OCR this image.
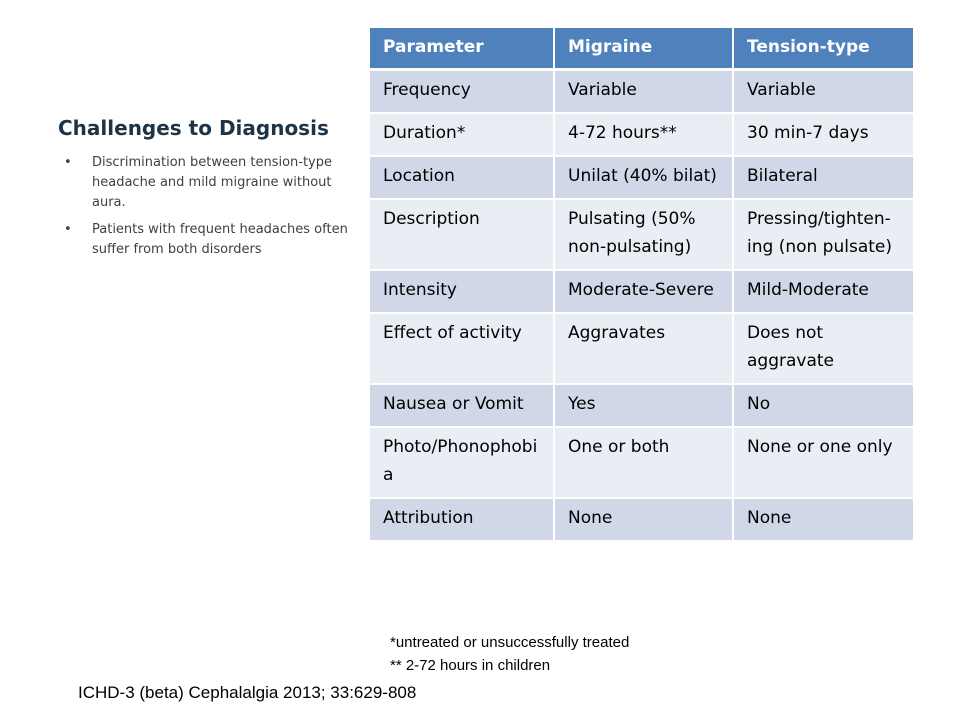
Challenges to Diagnosis
• Discrimination between tension-type headache and mild migraine without aura.
• Patients with frequent headaches often suffer from both disorders
Parameter	Migraine	Tension-type
Frequency	Variable	Variable
Duration*	4-72 hours**	30 min-7 days
Location	Unilat (40% bilat)	Bilateral
Description	Pulsating (50% non-pulsating)	Pressing/tighten-ing (non pulsate)
Intensity	Moderate-Severe	Mild-Moderate
Effect of activity	Aggravates	Does not aggravate
Nausea or Vomit	Yes	No
Photo/Phonophobia	One or both	None or one only
Attribution	None	None
*untreated or unsuccessfully treated
** 2-72 hours in children
ICHD-3 (beta) Cephalalgia 2013; 33:629-808
